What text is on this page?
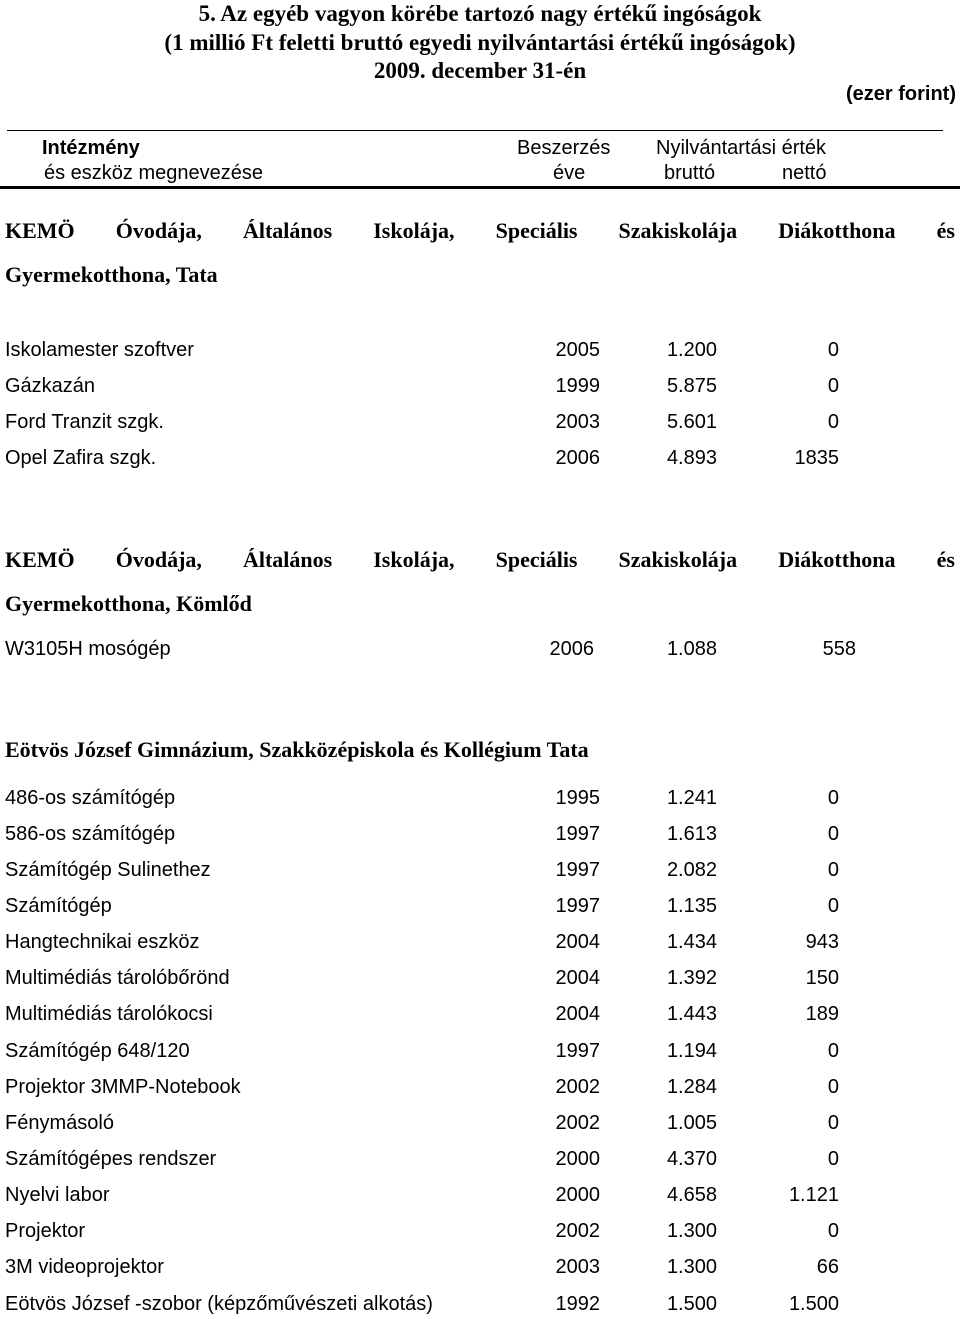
5. Az egyéb vagyon körébe tartozó nagy értékű ingóságok
(1 millió Ft feletti bruttó egyedi nyilvántartási értékű ingóságok)
2009. december 31-én
(ezer forint)
Intézmény
és eszköz megnevezése
Beszerzés
éve
Nyilvántartási érték
bruttó	nettó
KEMÖ Óvodája, Általános Iskolája, Speciális Szakiskolája Diákotthona és
Gyermekotthona, Tata
Iskolamester szoftver	2005	1.200	0
Gázkazán	1999	5.875	0
Ford Tranzit szgk.	2003	5.601	0
Opel Zafira szgk.	2006	4.893	1835
KEMÖ Óvodája, Általános Iskolája, Speciális Szakiskolája Diákotthona és
Gyermekotthona, Kömlőd
W3105H mosógép	2006	1.088	558
Eötvös József Gimnázium, Szakközépiskola és Kollégium Tata
486-os számítógép	1995	1.241	0
586-os számítógép	1997	1.613	0
Számítógép Sulinethez	1997	2.082	0
Számítógép	1997	1.135	0
Hangtechnikai eszköz	2004	1.434	943
Multimédiás tárolóbőrönd	2004	1.392	150
Multimédiás tárolókocsi	2004	1.443	189
Számítógép 648/120	1997	1.194	0
Projektor 3MMP-Notebook	2002	1.284	0
Fénymásoló	2002	1.005	0
Számítógépes rendszer	2000	4.370	0
Nyelvi labor	2000	4.658	1.121
Projektor	2002	1.300	0
3M videoprojektor	2003	1.300	66
Eötvös József -szobor (képzőművészeti alkotás)	1992	1.500	1.500
